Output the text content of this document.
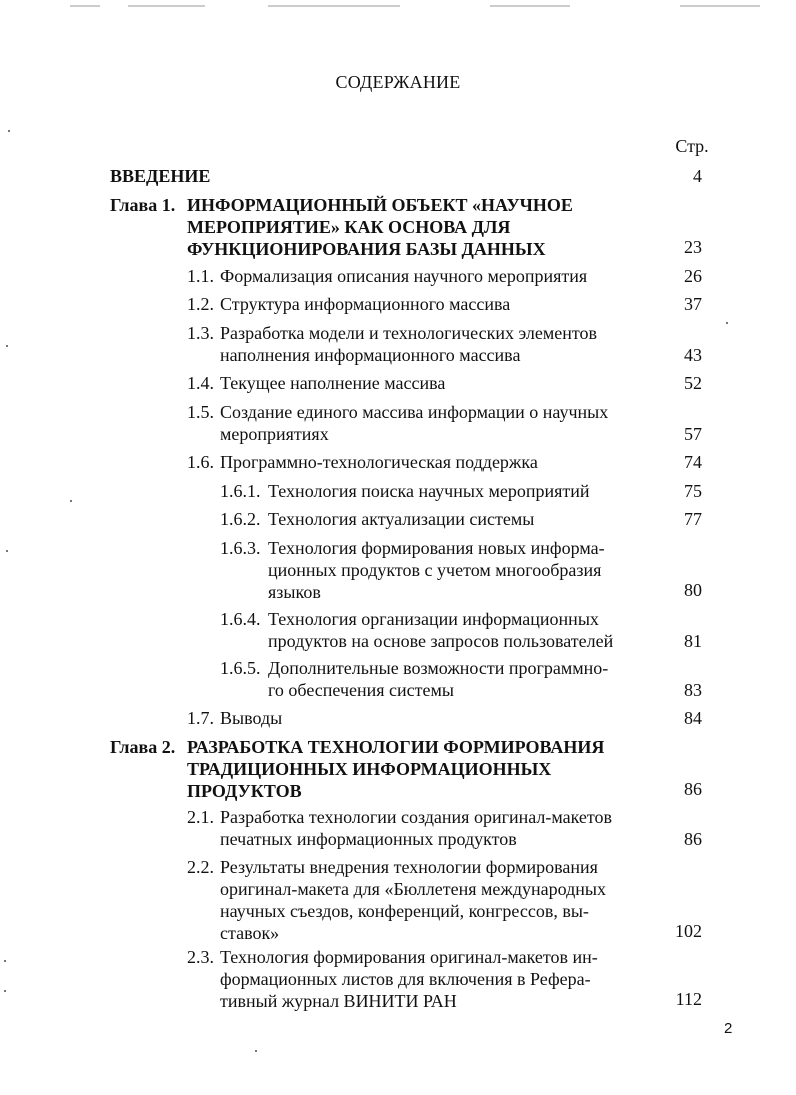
СОДЕРЖАНИЕ
Стр.
ВВЕДЕНИЕ	4
Глава 1. ИНФОРМАЦИОННЫЙ ОБЪЕКТ «НАУЧНОЕ
МЕРОПРИЯТИЕ» КАК ОСНОВА ДЛЯ
ФУНКЦИОНИРОВАНИЯ БАЗЫ ДАННЫХ	23
1.1. Формализация описания научного мероприятия	26
1.2. Структура информационного массива	37
1.3. Разработка модели и технологических элементов
наполнения информационного массива	43
1.4. Текущее наполнение массива	52
1.5. Создание единого массива информации о научных
мероприятиях	57
1.6. Программно-технологическая поддержка	74
1.6.1. Технология поиска научных мероприятий	75
1.6.2. Технология актуализации системы	77
1.6.3. Технология формирования новых информа-
ционных продуктов с учетом многообразия
языков	80
1.6.4. Технология организации информационных
продуктов на основе запросов пользователей	81
1.6.5. Дополнительные возможности программно-
го обеспечения системы	83
1.7. Выводы	84
Глава 2. РАЗРАБОТКА ТЕХНОЛОГИИ ФОРМИРОВАНИЯ
ТРАДИЦИОННЫХ ИНФОРМАЦИОННЫХ
ПРОДУКТОВ	86
2.1. Разработка технологии создания оригинал-макетов
печатных информационных продуктов	86
2.2. Результаты внедрения технологии формирования
оригинал-макета для «Бюллетеня международных
научных съездов, конференций, конгрессов, вы-
ставок»	102
2.3. Технология формирования оригинал-макетов ин-
формационных листов для включения в Рефера-
тивный журнал ВИНИТИ РАН	112
2
